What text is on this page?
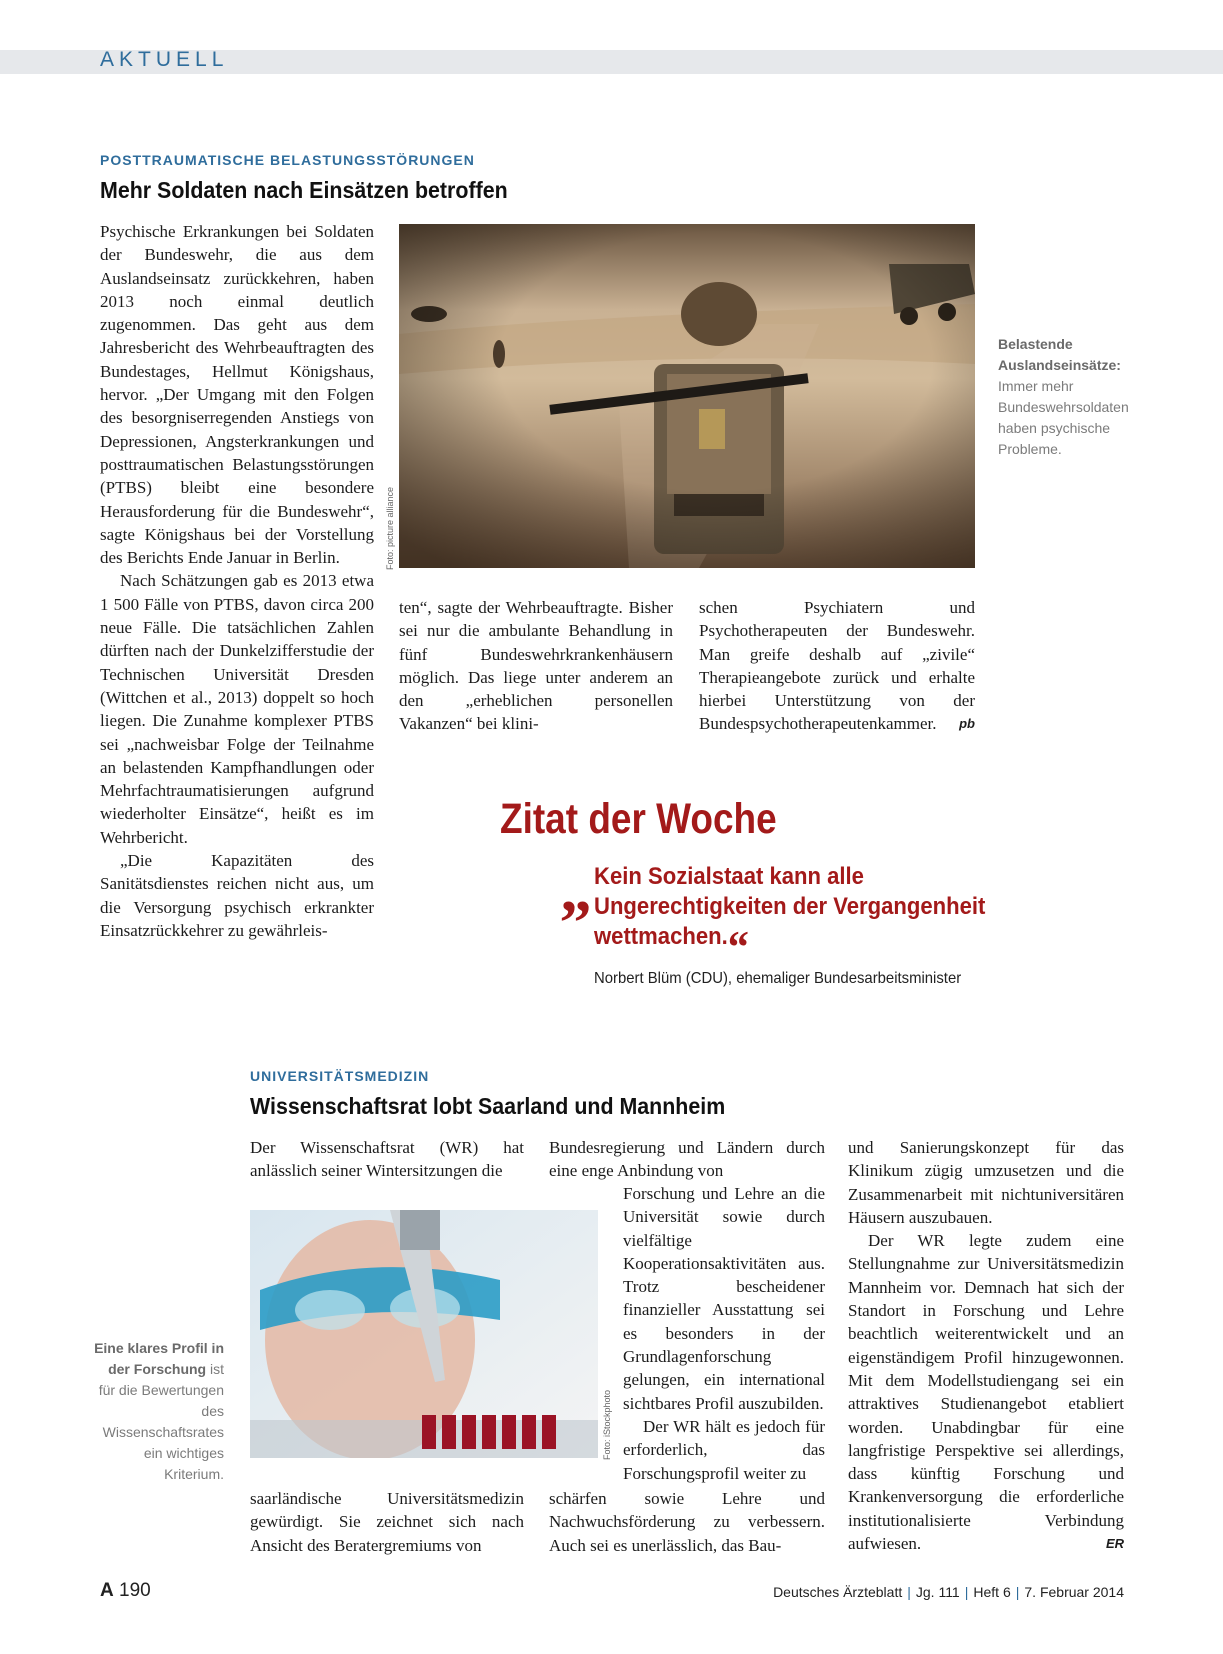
AKTUELL
POSTTRAUMATISCHE BELASTUNGSSTÖRUNGEN
Mehr Soldaten nach Einsätzen betroffen

Psychische Erkrankungen bei Soldaten der Bundeswehr, die aus dem Auslandseinsatz zurückkehren, haben 2013 noch einmal deutlich zugenommen. Das geht aus dem Jahresbericht des Wehrbeauftragten des Bundestages, Hellmut Königshaus, hervor. „Der Umgang mit den Folgen des besorgniserregenden Anstiegs von Depressionen, Angsterkrankungen und posttraumatischen Belastungsstörungen (PTBS) bleibt eine besondere Herausforderung für die Bundeswehr“, sagte Königshaus bei der Vorstellung des Berichts Ende Januar in Berlin.

Nach Schätzungen gab es 2013 etwa 1 500 Fälle von PTBS, davon circa 200 neue Fälle. Die tatsächlichen Zahlen dürften nach der Dunkelzifferstudie der Technischen Universität Dresden (Wittchen et al., 2013) doppelt so hoch liegen. Die Zunahme komplexer PTBS sei „nachweisbar Folge der Teilnahme an belastenden Kampfhandlungen oder Mehrfachtraumatisierungen aufgrund wiederholter Einsätze“, heißt es im Wehrbericht.

„Die Kapazitäten des Sanitätsdienstes reichen nicht aus, um die Versorgung psychisch erkrankter Einsatzrückkehrer zu gewährleis-

Foto: picture alliance
Belastende Auslandseinsätze: Immer mehr Bundeswehrsoldaten haben psychische Probleme.

ten“, sagte der Wehrbeauftragte. Bisher sei nur die ambulante Behandlung in fünf Bundeswehrkrankenhäusern möglich. Das liege unter anderem an den „erheblichen personellen Vakanzen“ bei klini-

schen Psychiatern und Psychotherapeuten der Bundeswehr. Man greife deshalb auf „zivile“ Therapieangebote zurück und erhalte hierbei Unterstützung von der Bundespsychotherapeutenkammer. pb

Zitat der Woche
„ Kein Sozialstaat kann alle Ungerechtigkeiten der Vergangenheit wettmachen.“
Norbert Blüm (CDU), ehemaliger Bundesarbeitsminister
UNIVERSITÄTSMEDIZIN
Wissenschaftsrat lobt Saarland und Mannheim

Der Wissenschaftsrat (WR) hat anlässlich seiner Wintersitzungen die

Foto: iStockphoto
Eine klares Profil in der Forschung ist für die Bewertungen des Wissenschaftsrates ein wichtiges Kriterium.

saarländische Universitätsmedizin gewürdigt. Sie zeichnet sich nach Ansicht des Beratergremiums von

Bundesregierung und Ländern durch eine enge Anbindung von

Forschung und Lehre an die Universität sowie durch vielfältige Kooperationsaktivitäten aus. Trotz bescheidener finanzieller Ausstattung sei es besonders in der Grundlagenforschung gelungen, ein international sichtbares Profil auszubilden.

Der WR hält es jedoch für erforderlich, das Forschungsprofil weiter zu

schärfen sowie Lehre und Nachwuchsförderung zu verbessern. Auch sei es unerlässlich, das Bau-

und Sanierungskonzept für das Klinikum zügig umzusetzen und die Zusammenarbeit mit nichtuniversitären Häusern auszubauen.

Der WR legte zudem eine Stellungnahme zur Universitätsmedizin Mannheim vor. Demnach hat sich der Standort in Forschung und Lehre beachtlich weiterentwickelt und an eigenständigem Profil hinzugewonnen. Mit dem Modellstudiengang sei ein attraktives Studienangebot etabliert worden. Unabdingbar für eine langfristige Perspektive sei allerdings, dass künftig Forschung und Krankenversorgung die erforderliche institutionalisierte Verbindung aufwiesen.	ER

A 190	Deutsches Ärzteblatt | Jg. 111 | Heft 6 | 7. Februar 2014
